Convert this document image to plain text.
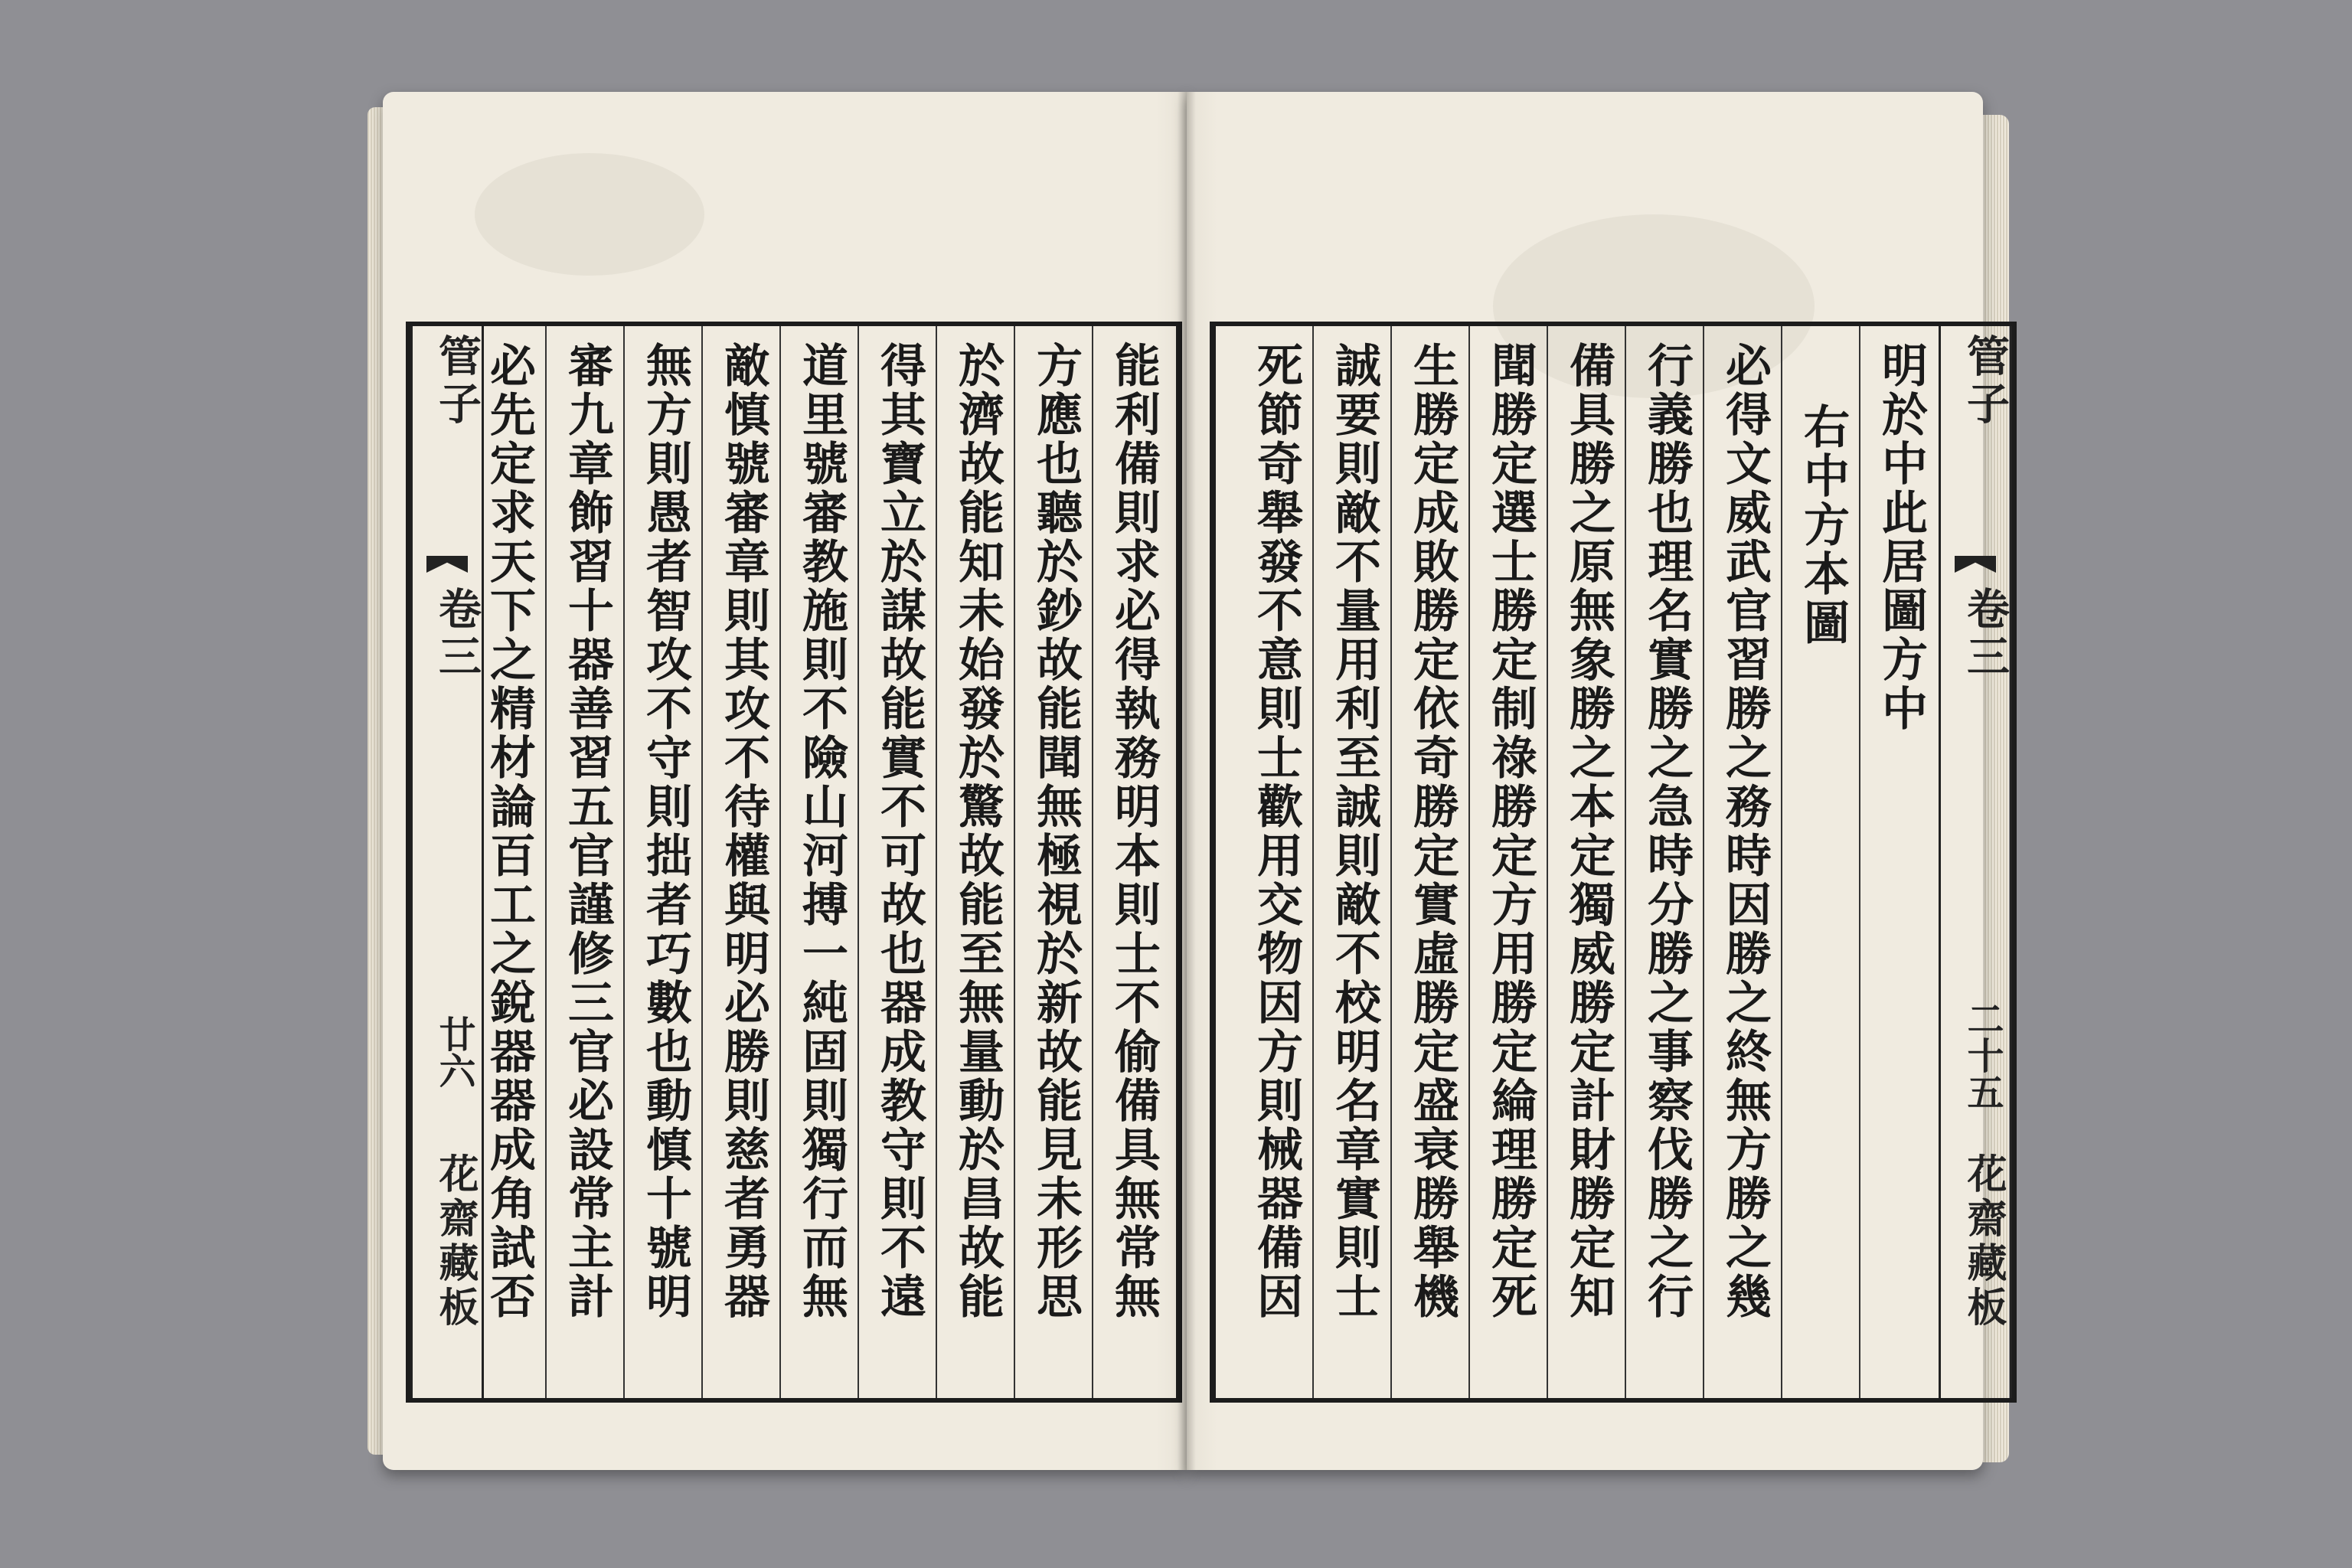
能利備則求必得執務明本則士不偷備具無常無
方應也聽於鈔故能聞無極視於新故能見未形思
於濟故能知未始發於驚故能至無量動於昌故能
得其寶立於謀故能實不可故也器成教守則不遠
道里號審教施則不險山河搏一純固則獨行而無
敵慎號審章則其攻不待權與明必勝則慈者勇器
無方則愚者智攻不守則拙者巧數也動慎十號明
審九章飾習十器善習五官謹修三官必設常主計
必先定求天下之精材論百工之銳器器成角試否
管子
卷三
廿六
花齋藏板
管子
卷三
二十五
花齋藏板
明於中此居圖方中
右中方本圖
必得文威武官習勝之務時因勝之終無方勝之幾
行義勝也理名實勝之急時分勝之事察伐勝之行
備具勝之原無象勝之本定獨威勝定計財勝定知
聞勝定選士勝定制祿勝定方用勝定綸理勝定死
生勝定成敗勝定依奇勝定實虛勝定盛衰勝舉機
誠要則敵不量用利至誠則敵不校明名章實則士
死節奇舉發不意則士歡用交物因方則械器備因
